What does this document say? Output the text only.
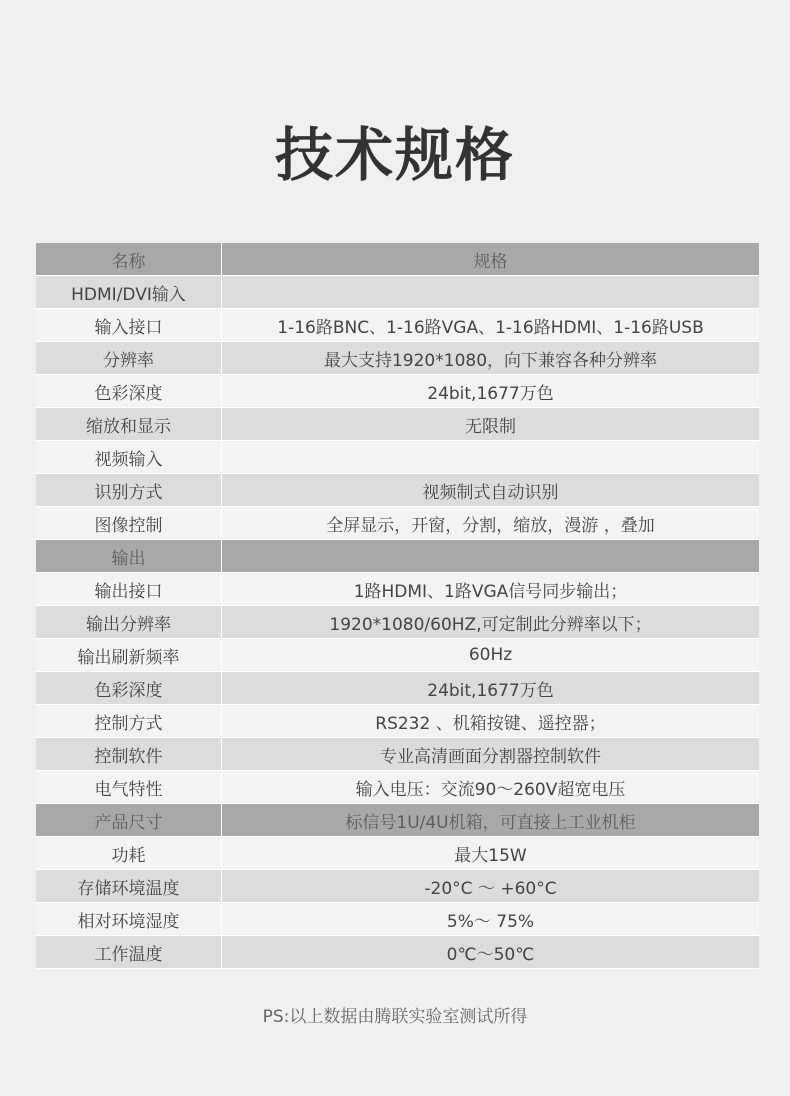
技术规格
名称	规格
HDMI/DVI输入	
输入接口	1-16路BNC、1-16路VGA、1-16路HDMI、1-16路USB
分辨率	最大支持1920*1080，向下兼容各种分辨率
色彩深度	24bit,1677万色
缩放和显示	无限制
视频输入	
识别方式	视频制式自动识别
图像控制	全屏显示，开窗，分割，缩放，漫游 ，叠加
输出	
输出接口	1路HDMI、1路VGA信号同步输出；
输出分辨率	1920*1080/60HZ,可定制此分辨率以下；
输出刷新频率	60Hz
色彩深度	24bit,1677万色
控制方式	RS232 、机箱按键、遥控器；
控制软件	专业高清画面分割器控制软件
电气特性	输入电压：交流90～260V超宽电压
产品尺寸	标信号1U/4U机箱，可直接上工业机柜
功耗	最大15W
存储环境温度	-20°C ～ +60°C
相对环境湿度	5%～ 75%
工作温度	0℃～50℃
PS:以上数据由腾联实验室测试所得
